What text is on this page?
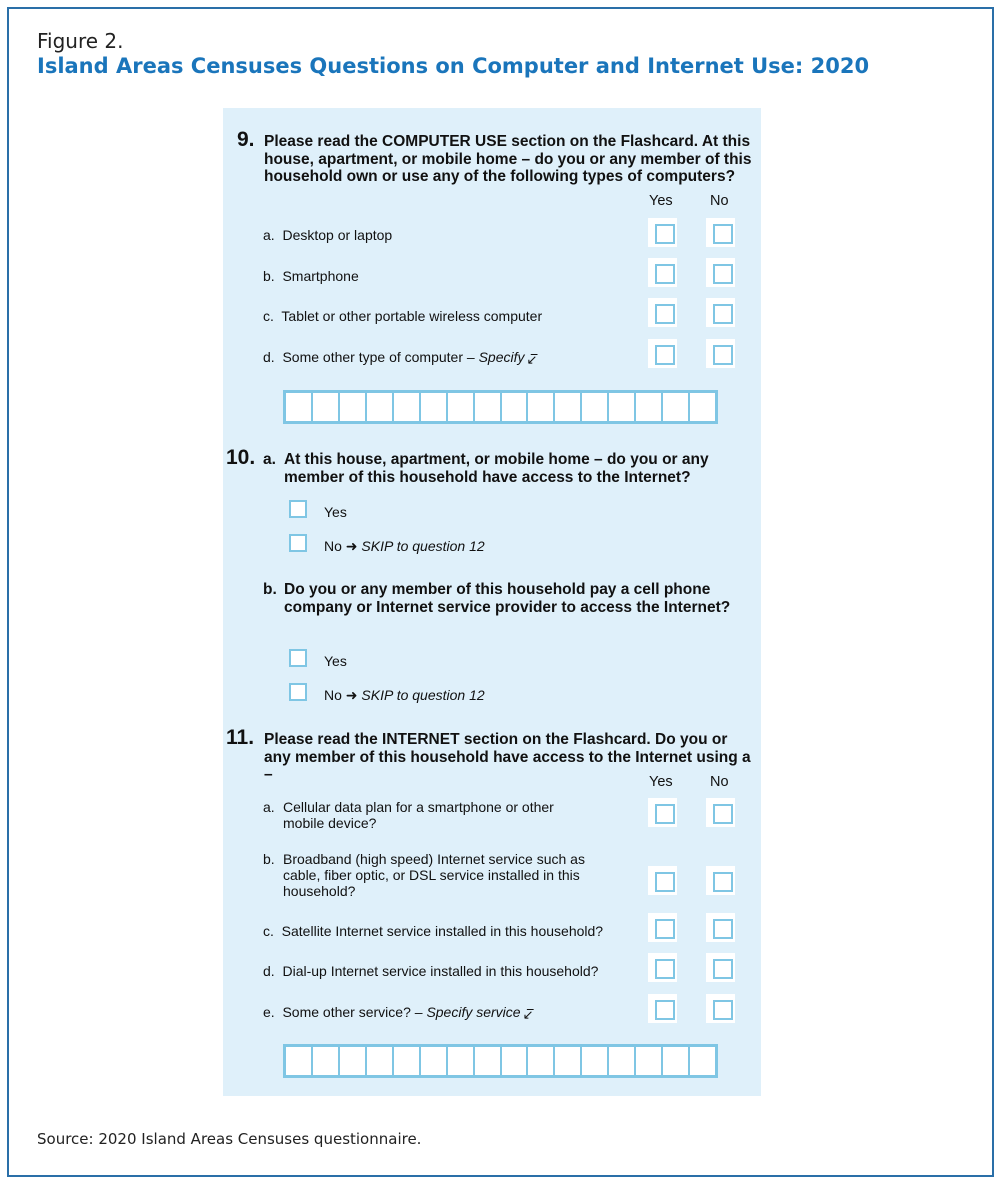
Figure 2.
Island Areas Censuses Questions on Computer and Internet Use: 2020
9. Please read the COMPUTER USE section on the Flashcard. At this house, apartment, or mobile home – do you or any member of this household own or use any of the following types of computers?
Yes	No
a. Desktop or laptop
b. Smartphone
c. Tablet or other portable wireless computer
d. Some other type of computer – Specify ↙̅
10. a. At this house, apartment, or mobile home – do you or any member of this household have access to the Internet?
Yes
No ➜ SKIP to question 12
b. Do you or any member of this household pay a cell phone company or Internet service provider to access the Internet?
Yes
No ➜ SKIP to question 12
11. Please read the INTERNET section on the Flashcard. Do you or any member of this household have access to the Internet using a –	Yes	No
a. Cellular data plan for a smartphone or other mobile device?
b. Broadband (high speed) Internet service such as cable, fiber optic, or DSL service installed in this household?
c. Satellite Internet service installed in this household?
d. Dial-up Internet service installed in this household?
e. Some other service? – Specify service ↙̅
Source: 2020 Island Areas Censuses questionnaire.
